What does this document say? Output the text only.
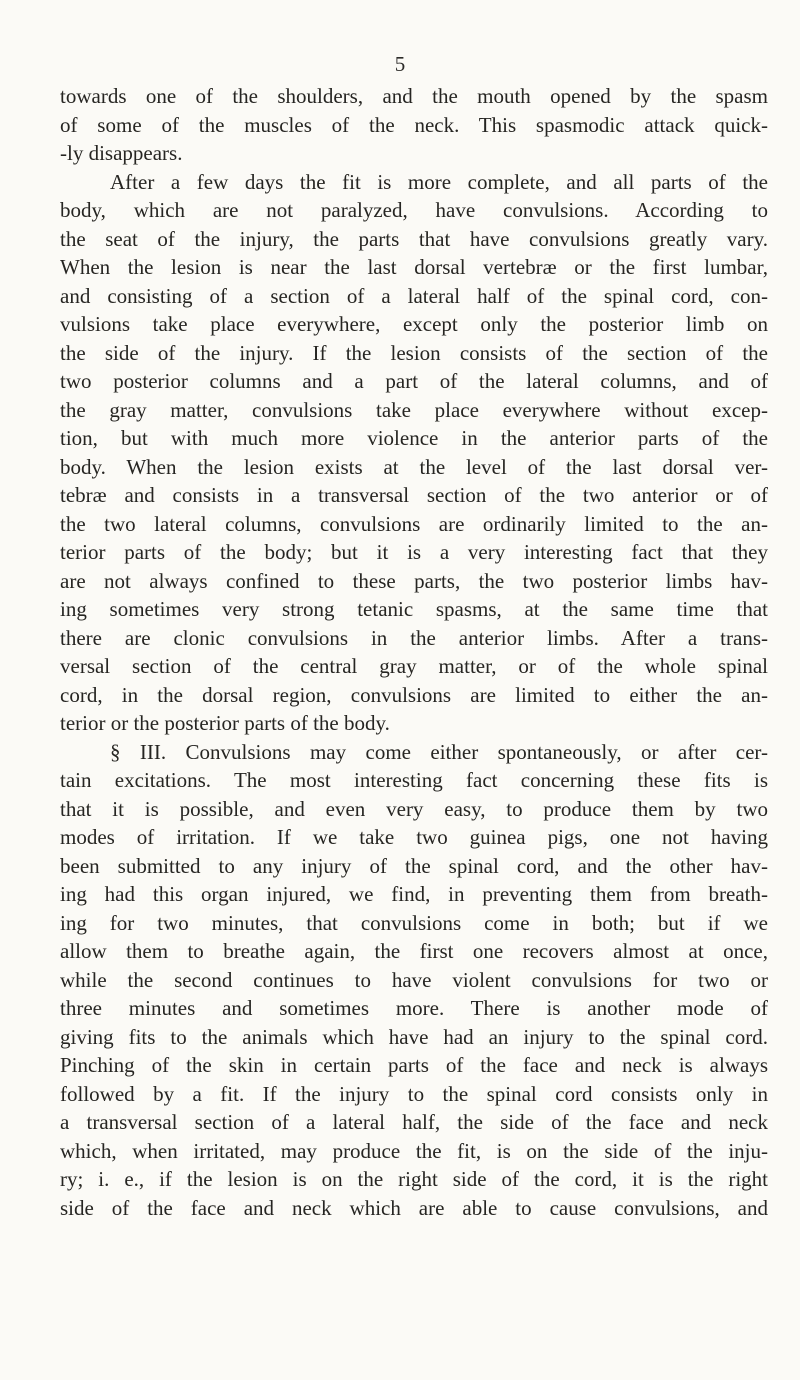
5
towards one of the shoulders, and the mouth opened by the spasm
of some of the muscles of the neck. This spasmodic attack quick-
-ly disappears.
After a few days the fit is more complete, and all parts of the
body, which are not paralyzed, have convulsions. According to
the seat of the injury, the parts that have convulsions greatly vary.
When the lesion is near the last dorsal vertebræ or the first lumbar,
and consisting of a section of a lateral half of the spinal cord, con-
vulsions take place everywhere, except only the posterior limb on
the side of the injury. If the lesion consists of the section of the
two posterior columns and a part of the lateral columns, and of
the gray matter, convulsions take place everywhere without excep-
tion, but with much more violence in the anterior parts of the
body. When the lesion exists at the level of the last dorsal ver-
tebræ and consists in a transversal section of the two anterior or of
the two lateral columns, convulsions are ordinarily limited to the an-
terior parts of the body; but it is a very interesting fact that they
are not always confined to these parts, the two posterior limbs hav-
ing sometimes very strong tetanic spasms, at the same time that
there are clonic convulsions in the anterior limbs. After a trans-
versal section of the central gray matter, or of the whole spinal
cord, in the dorsal region, convulsions are limited to either the an-
terior or the posterior parts of the body.
§ III. Convulsions may come either spontaneously, or after cer-
tain excitations. The most interesting fact concerning these fits is
that it is possible, and even very easy, to produce them by two
modes of irritation. If we take two guinea pigs, one not having
been submitted to any injury of the spinal cord, and the other hav-
ing had this organ injured, we find, in preventing them from breath-
ing for two minutes, that convulsions come in both; but if we
allow them to breathe again, the first one recovers almost at once,
while the second continues to have violent convulsions for two or
three minutes and sometimes more. There is another mode of
giving fits to the animals which have had an injury to the spinal cord.
Pinching of the skin in certain parts of the face and neck is always
followed by a fit. If the injury to the spinal cord consists only in
a transversal section of a lateral half, the side of the face and neck
which, when irritated, may produce the fit, is on the side of the inju-
ry; i. e., if the lesion is on the right side of the cord, it is the right
side of the face and neck which are able to cause convulsions, and
